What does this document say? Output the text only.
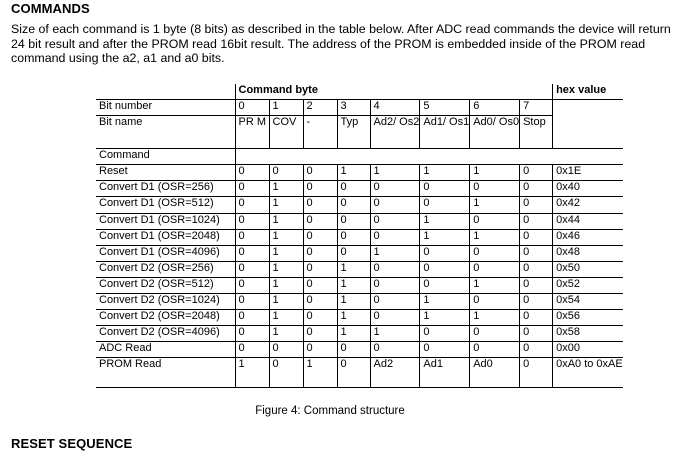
COMMANDS
Size of each command is 1 byte (8 bits) as described in the table below. After ADC read commands the device will return 24 bit result and after the PROM read 16bit result. The address of the PROM is embedded inside of the PROM read command using the a2, a1 and a0 bits.
	Command byte								hex value
Bit number	0	1	2	3	4	5	6	7	
Bit name	PR M	COV	-	Typ	Ad2/ Os2	Ad1/ Os1	Ad0/ Os0	Stop	
Command									
Reset	0	0	0	1	1	1	1	0	0x1E
Convert D1 (OSR=256)	0	1	0	0	0	0	0	0	0x40
Convert D1 (OSR=512)	0	1	0	0	0	0	1	0	0x42
Convert D1 (OSR=1024)	0	1	0	0	0	1	0	0	0x44
Convert D1 (OSR=2048)	0	1	0	0	0	1	1	0	0x46
Convert D1 (OSR=4096)	0	1	0	0	1	0	0	0	0x48
Convert D2 (OSR=256)	0	1	0	1	0	0	0	0	0x50
Convert D2 (OSR=512)	0	1	0	1	0	0	1	0	0x52
Convert D2 (OSR=1024)	0	1	0	1	0	1	0	0	0x54
Convert D2 (OSR=2048)	0	1	0	1	0	1	1	0	0x56
Convert D2 (OSR=4096)	0	1	0	1	1	0	0	0	0x58
ADC Read	0	0	0	0	0	0	0	0	0x00
PROM Read	1	0	1	0	Ad2	Ad1	Ad0	0	0xA0 to 0xAE
Figure 4: Command structure
RESET SEQUENCE
